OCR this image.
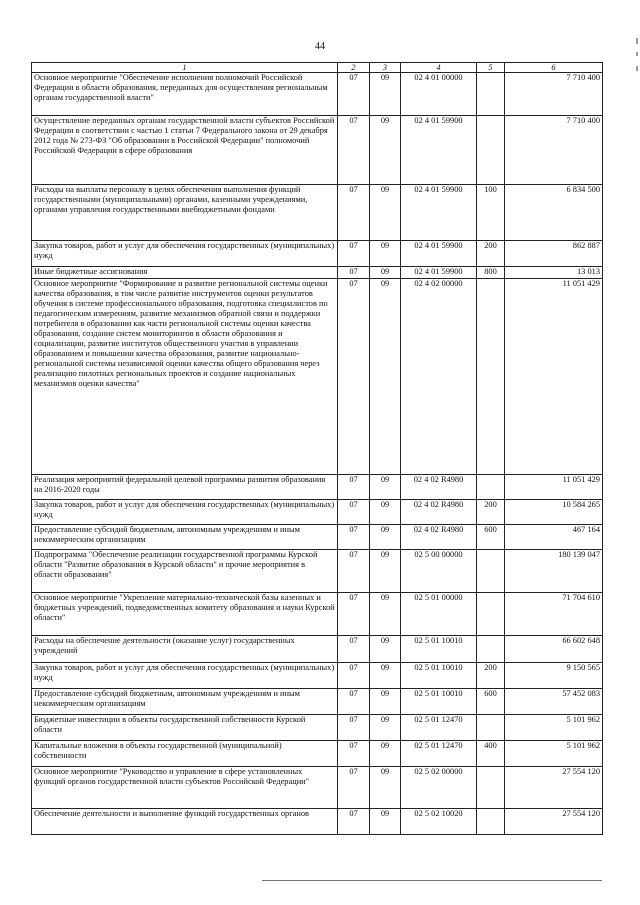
44
1	2	3	4	5	6
Основное мероприятие "Обеспечение исполнения полномочий Российской Федерации в области образования, переданных для осуществления региональным органам государственной власти"	07	09	02 4 01 00000		7 710 400
Осуществление переданных органам государственной власти субъектов Российской Федерации в соответствии с частью 1 статьи 7 Федерального закона от 29 декабря 2012 года № 273-ФЗ "Об образовании в Российской Федерации" полномочий Российской Федерации в сфере образования	07	09	02 4 01 59900		7 710 400
Расходы на выплаты персоналу в целях обеспечения выполнения функций государственными (муниципальными) органами, казенными учреждениями, органами управления государственными внебюджетными фондами	07	09	02 4 01 59900	100	6 834 500
Закупка товаров, работ и услуг для обеспечения государственных (муниципальных) нужд	07	09	02 4 01 59900	200	862 887
Иные бюджетные ассигнования	07	09	02 4 01 59900	800	13 013
Основное мероприятие "Формирование и развитие региональной системы оценки качества образования, в том числе развитие инструментов оценки результатов обучения в системе профессионального образования, подготовка специалистов по педагогическим измерениям, развитие механизмов обратной связи и поддержки потребителя в образовании как части региональной системы оценки качества образования, создание систем мониторингов в области образования и социализации, развитие институтов общественного участия в управлении образованием и повышении качества образования, развитие национально- региональной системы независимой оценки качества общего образования через реализацию пилотных региональных проектов и создание национальных механизмов оценки качества"	07	09	02 4 02 00000		11 051 429
Реализация мероприятий федеральной целевой программы развития образования на 2016-2020 годы	07	09	02 4 02 R4980		11 051 429
Закупка товаров, работ и услуг для обеспечения государственных (муниципальных) нужд	07	09	02 4 02 R4980	200	10 584 265
Предоставление субсидий бюджетным, автономным учреждениям и иным некоммерческим организациям	07	09	02 4 02 R4980	600	467 164
Подпрограмма "Обеспечение реализации государственной программы Курской области "Развитие образования в Курской области" и прочие мероприятия в области образования"	07	09	02 5 00 00000		180 139 047
Основное мероприятие "Укрепление материально-технической базы казенных и бюджетных учреждений, подведомственных комитету образования и науки Курской области"	07	09	02 5 01 00000		71 704 610
Расходы на обеспечение деятельности (оказание услуг) государственных учреждений	07	09	02 5 01 10010		66 602 648
Закупка товаров, работ и услуг для обеспечения государственных (муниципальных) нужд	07	09	02 5 01 10010	200	9 150 565
Предоставление субсидий бюджетным, автономным учреждениям и иным некоммерческим организациям	07	09	02 5 01 10010	600	57 452 083
Бюджетные инвестиции в объекты государственной собственности Курской области	07	09	02 5 01 12470		5 101 962
Капитальные вложения в объекты государственной (муниципальной) собственности	07	09	02 5 01 12470	400	5 101 962
Основное мероприятие "Руководство и управление в сфере установленных функций органов государственной власти субъектов Российской Федерации"	07	09	02 5 02 00000		27 554 120
Обеспечение деятельности и выполнение функций государственных органов	07	09	02 5 02 10020		27 554 120
